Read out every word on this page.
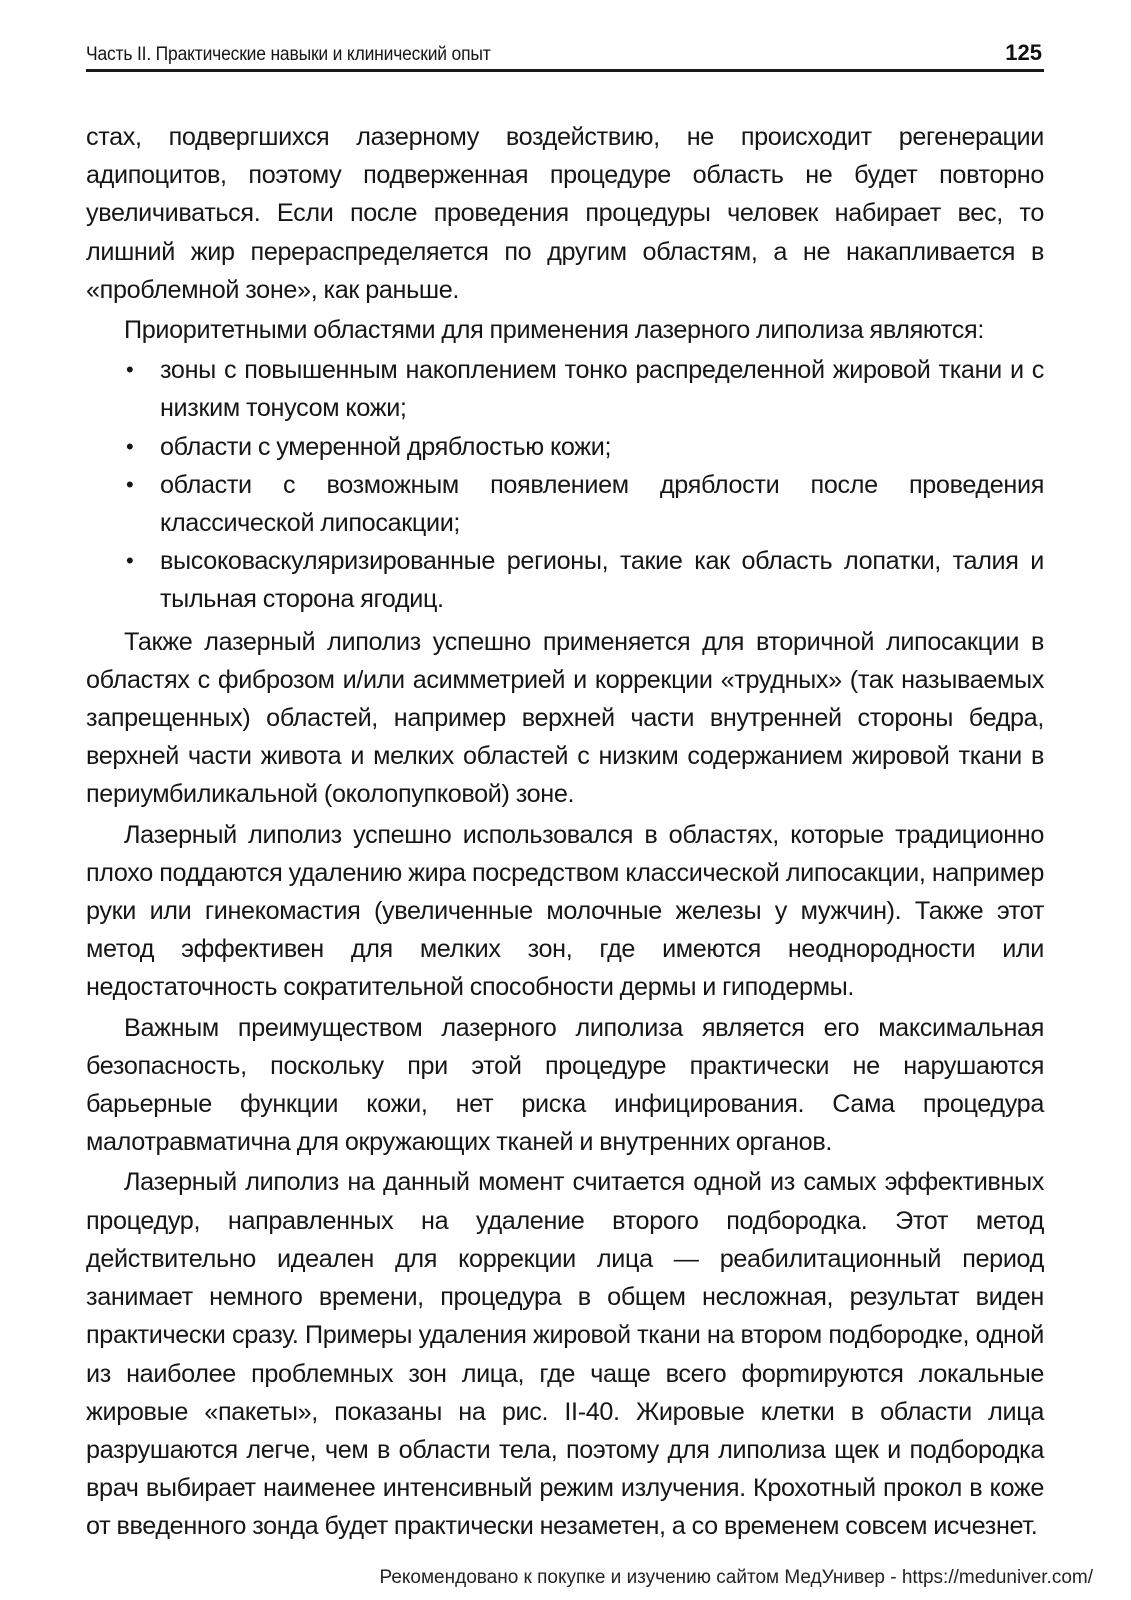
Часть II. Практические навыки и клинический опыт	125

стах, подвергшихся лазерному воздействию, не происходит регенерации адипоцитов, поэтому подверженная процедуре область не будет повторно увеличиваться. Если после проведения процедуры человек набирает вес, то лишний жир перераспределяется по другим областям, а не накапливается в «проблемной зоне», как раньше.

Приоритетными областями для применения лазерного липолиза являются:

• зоны с повышенным накоплением тонко распределенной жировой ткани и с низким тонусом кожи;
• области с умеренной дряблостью кожи;
• области с возможным появлением дряблости после проведения классической липосакции;
• высоковаскуляризированные регионы, такие как область лопатки, талия и тыльная сторона ягодиц.

Также лазерный липолиз успешно применяется для вторичной липосакции в областях с фиброзом и/или асимметрией и коррекции «трудных» (так называемых запрещенных) областей, например верхней части внутренней стороны бедра, верхней части живота и мелких областей с низким содержанием жировой ткани в периумбиликальной (околопупковой) зоне.

Лазерный липолиз успешно использовался в областях, которые традиционно плохо поддаются удалению жира посредством классической липосакции, например руки или гинекомастия (увеличенные молочные железы у мужчин). Также этот метод эффективен для мелких зон, где имеются неоднородности или недостаточность сократительной способности дермы и гиподермы.

Важным преимуществом лазерного липолиза является его максимальная безопасность, поскольку при этой процедуре практически не нарушаются барьерные функции кожи, нет риска инфицирования. Сама процедура малотравматична для окружающих тканей и внутренних органов.

Лазерный липолиз на данный момент считается одной из самых эффективных процедур, направленных на удаление второго подбородка. Этот метод действительно идеален для коррекции лица — реабилитационный период занимает немного времени, процедура в общем несложная, результат виден практически сразу. Примеры удаления жировой ткани на втором подбородке, одной из наиболее проблемных зон лица, где чаще всего форmируются локальные жировые «пакеты», показаны на рис. II-40. Жировые клетки в области лица разрушаются легче, чем в области тела, поэтому для липолиза щек и подбородка врач выбирает наименее интенсивный режим излучения. Крохотный прокол в коже от введенного зонда будет практически незаметен, а со временем совсем исчезнет.

Рекомендовано к покупке и изучению сайтом МедУнивер - https://meduniver.com/
